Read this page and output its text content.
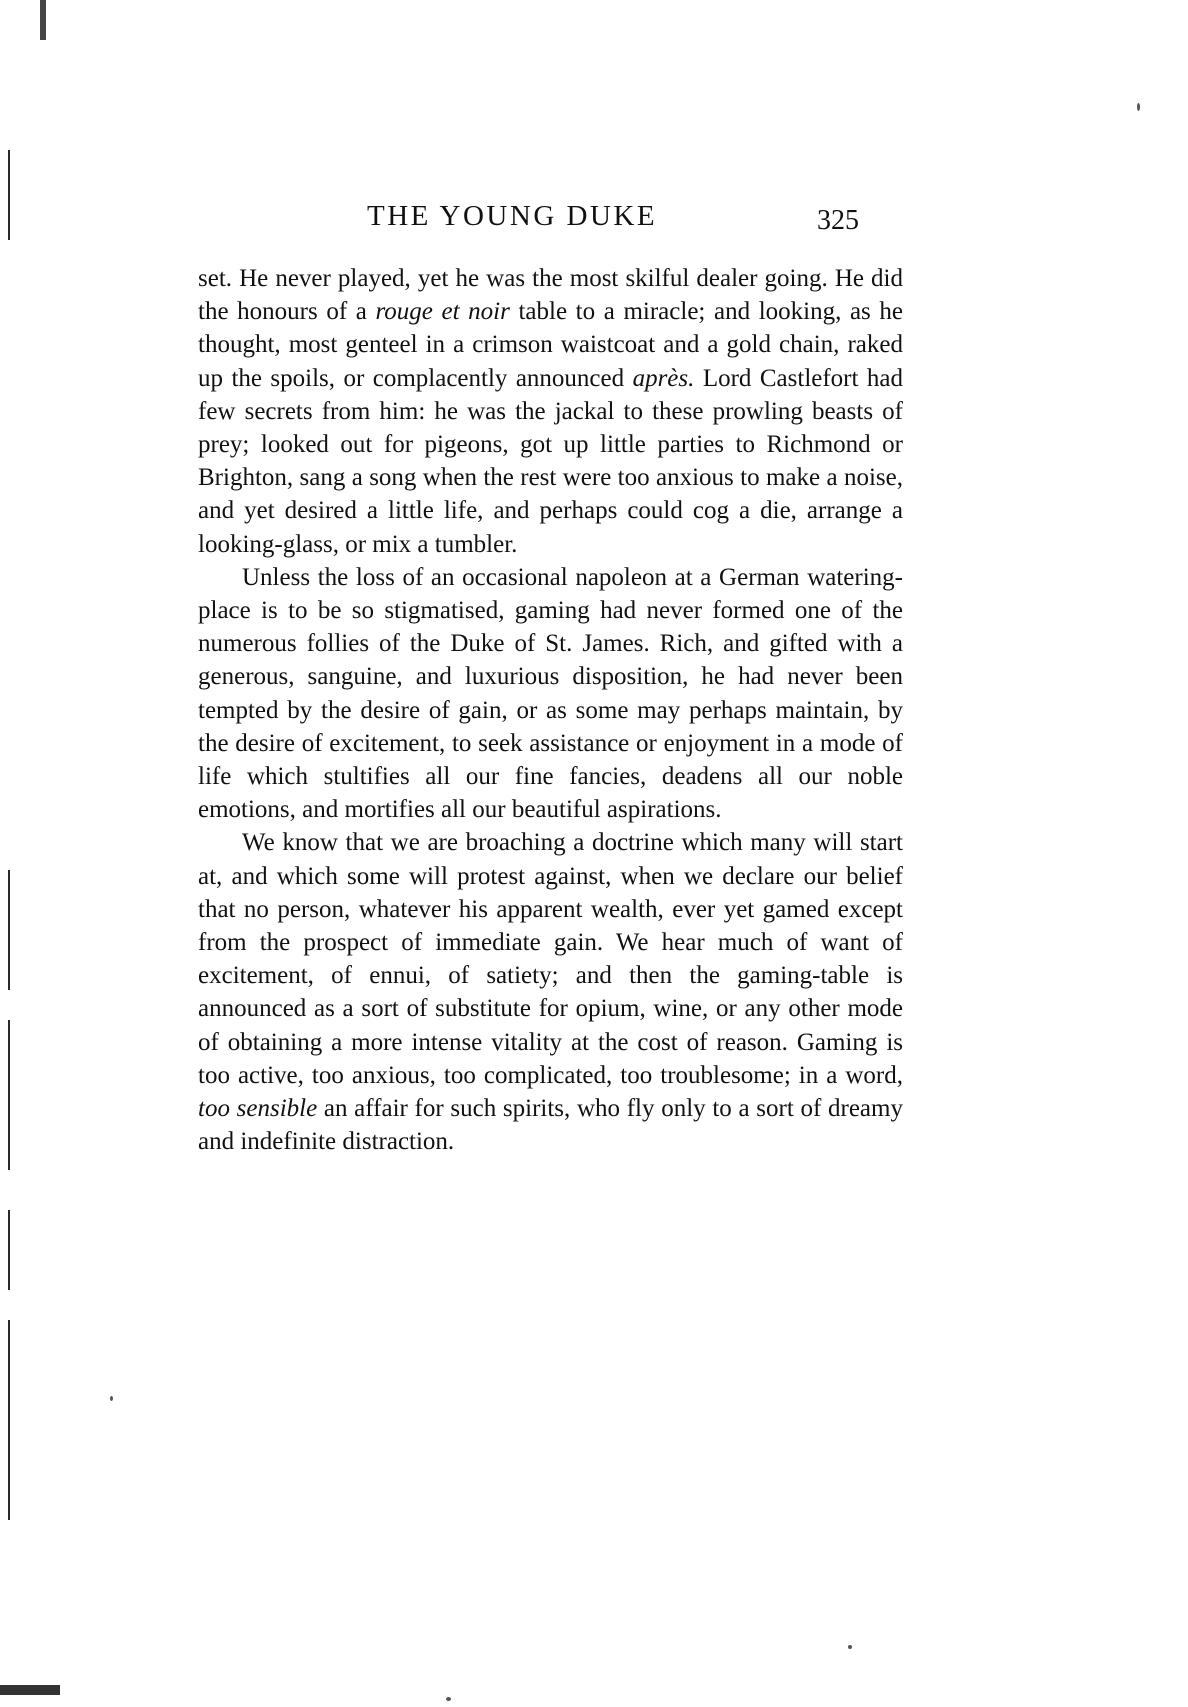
THE YOUNG DUKE	325

set. He never played, yet he was the most skilful dealer going. He did the honours of a rouge et noir table to a miracle; and looking, as he thought, most genteel in a crimson waistcoat and a gold chain, raked up the spoils, or complacently announced après. Lord Castlefort had few secrets from him: he was the jackal to these prowling beasts of prey; looked out for pigeons, got up little parties to Richmond or Brighton, sang a song when the rest were too anxious to make a noise, and yet desired a little life, and perhaps could cog a die, arrange a looking-glass, or mix a tumbler.

Unless the loss of an occasional napoleon at a German watering-place is to be so stigmatised, gaming had never formed one of the numerous follies of the Duke of St. James. Rich, and gifted with a generous, sanguine, and luxurious disposition, he had never been tempted by the desire of gain, or as some may perhaps maintain, by the desire of excitement, to seek assistance or enjoyment in a mode of life which stultifies all our fine fancies, deadens all our noble emotions, and mortifies all our beautiful aspirations.

We know that we are broaching a doctrine which many will start at, and which some will protest against, when we declare our belief that no person, whatever his apparent wealth, ever yet gamed except from the prospect of immediate gain. We hear much of want of excitement, of ennui, of satiety; and then the gaming-table is announced as a sort of substitute for opium, wine, or any other mode of obtaining a more intense vitality at the cost of reason. Gaming is too active, too anxious, too complicated, too troublesome; in a word, too sensible an affair for such spirits, who fly only to a sort of dreamy and indefinite distraction.
